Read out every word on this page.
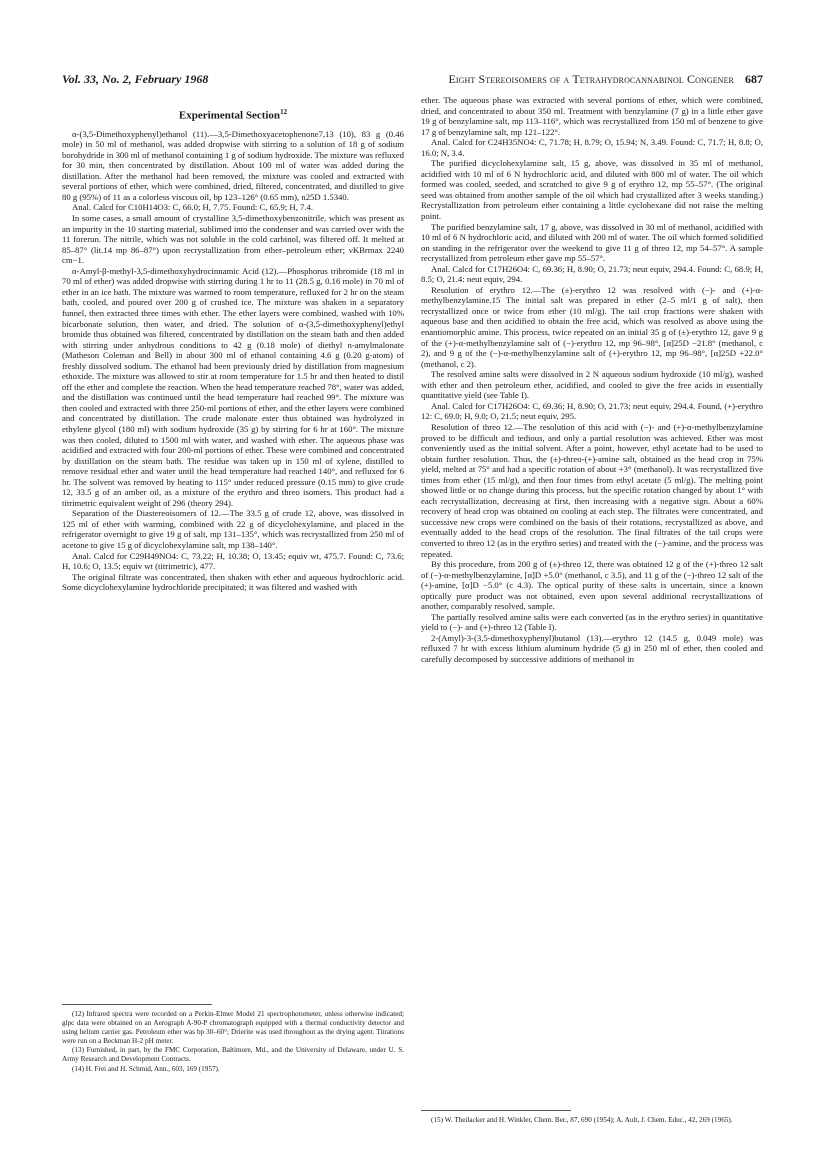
Vol. 33, No. 2, February 1968	Eight Stereoisomers of a Tetrahydrocannabinol Congener 687
Experimental Section$^{12}$

α-(3,5-Dimethoxyphenyl)ethanol (11).—3,5-Dimethoxyacetophenone7,13 (10), 83 g (0.46 mole) in 50 ml of methanol, was added dropwise with stirring to a solution of 18 g of sodium borohydride in 300 ml of methanol containing 1 g of sodium hydroxide. The mixture was refluxed for 30 min, then concentrated by distillation. About 100 ml of water was added during the distillation. After the methanol had been removed, the mixture was cooled and extracted with several portions of ether, which were combined, dried, filtered, concentrated, and distilled to give 80 g (95%) of 11 as a colorless viscous oil, bp 123–126° (0.65 mm), n25D 1.5340.

Anal. Calcd for C10H14O3: C, 66.0; H, 7.75. Found: C, 65.9; H, 7.4.

In some cases, a small amount of crystalline 3,5-dimethoxybenzonitrile, which was present as an impurity in the 10 starting material, sublimed into the condenser and was carried over with the 11 forerun. The nitrile, which was not soluble in the cold carbinol, was filtered off. It melted at 85–87° (lit.14 mp 86–87°) upon recrystallization from ether–petroleum ether; νKBrmax 2240 cm−1.

α-Amyl-β-methyl-3,5-dimethoxyhydrocinnamic Acid (12).—Phosphorus tribromide (18 ml in 70 ml of ether) was added dropwise with stirring during 1 hr to 11 (28.5 g, 0.16 mole) in 70 ml of ether in an ice bath. The mixture was warmed to room temperature, refluxed for 2 hr on the steam bath, cooled, and poured over 200 g of crushed ice. The mixture was shaken in a separatory funnel, then extracted three times with ether. The ether layers were combined, washed with 10% bicarbonate solution, then water, and dried. The solution of α-(3,5-dimethoxyphenyl)ethyl bromide thus obtained was filtered, concentrated by distillation on the steam bath and then added with stirring under anhydrous conditions to 42 g (0.18 mole) of diethyl n-amylmalonate (Matheson Coleman and Bell) in about 300 ml of ethanol containing 4.6 g (0.20 g-atom) of freshly dissolved sodium. The ethanol had been previously dried by distillation from magnesium ethoxide. The mixture was allowed to stir at room temperature for 1.5 hr and then heated to distil off the ether and complete the reaction. When the head temperature reached 78°, water was added, and the distillation was continued until the head temperature had reached 99°. The mixture was then cooled and extracted with three 250-ml portions of ether, and the ether layers were combined and concentrated by distillation. The crude malonate ester thus obtained was hydrolyzed in ethylene glycol (180 ml) with sodium hydroxide (35 g) by stirring for 6 hr at 160°. The mixture was then cooled, diluted to 1500 ml with water, and washed with ether. The aqueous phase was acidified and extracted with four 200-ml portions of ether. These were combined and concentrated by distillation on the steam bath. The residue was taken up in 150 ml of xylene, distilled to remove residual ether and water until the head temperature had reached 140°, and refluxed for 6 hr. The solvent was removed by heating to 115° under reduced pressure (0.15 mm) to give crude 12, 33.5 g of an amber oil, as a mixture of the erythro and threo isomers. This product had a titrimetric equivalent weight of 296 (theory 294).

Separation of the Diastereoisomers of 12.—The 33.5 g of crude 12, above, was dissolved in 125 ml of ether with warming, combined with 22 g of dicyclohexylamine, and placed in the refrigerator overnight to give 19 g of salt, mp 131–135°, which was recrystallized from 250 ml of acetone to give 15 g of dicyclohexylamine salt, mp 138–140°.

Anal. Calcd for C29H49NO4: C, 73.22; H, 10.38; O, 13.45; equiv wt, 475.7. Found: C, 73.6; H, 10.6; O, 13.5; equiv wt (titrimetric), 477.

The original filtrate was concentrated, then shaken with ether and aqueous hydrochloric acid. Some dicyclohexylamine hydrochloride precipitated; it was filtered and washed with

ether. The aqueous phase was extracted with several portions of ether, which were combined, dried, and concentrated to about 350 ml. Treatment with benzylamine (7 g) in a little ether gave 19 g of benzylamine salt, mp 113–116°, which was recrystallized from 150 ml of benzene to give 17 g of benzylamine salt, mp 121–122°.

Anal. Calcd for C24H35NO4: C, 71.78; H, 8.79; O, 15.94; N, 3.49. Found: C, 71.7; H, 8.8; O, 16.0; N, 3.4.

The purified dicyclohexylamine salt, 15 g, above, was dissolved in 35 ml of methanol, acidified with 10 ml of 6 N hydrochloric acid, and diluted with 800 ml of water. The oil which formed was cooled, seeded, and scratched to give 9 g of erythro 12, mp 55–57°. (The original seed was obtained from another sample of the oil which had crystallized after 3 weeks standing.) Recrystallization from petroleum ether containing a little cyclohexane did not raise the melting point.

The purified benzylamine salt, 17 g, above, was dissolved in 30 ml of methanol, acidified with 10 ml of 6 N hydrochloric acid, and diluted with 200 ml of water. The oil which formed solidified on standing in the refrigerator over the weekend to give 11 g of threo 12, mp 54–57°. A sample recrystallized from petroleum ether gave mp 55–57°.

Anal. Calcd for C17H26O4: C, 69.36; H, 8.90; O, 21.73; neut equiv, 294.4. Found: C, 68.9; H, 8.5; O, 21.4: neut equiv, 294.

Resolution of erythro 12.—The (±)-erythro 12 was resolved with (−)- and (+)-α-methylbenzylamine.15 The initial salt was prepared in ether (2–5 ml/1 g of salt), then recrystallized once or twice from ether (10 ml/g). The tail crop fractions were shaken with aqueous base and then acidified to obtain the free acid, which was resolved as above using the enantiomorphic amine. This process, twice repeated on an initial 35 g of (±)-erythro 12, gave 9 g of the (+)-α-methylbenzylamine salt of (−)-erythro 12, mp 96–98°, [α]25D −21.8° (methanol, c 2), and 9 g of the (−)-α-methylbenzylamine salt of (+)-erythro 12, mp 96–98°, [α]25D +22.0° (methanol, c 2).

The resolved amine salts were dissolved in 2 N aqueous sodium hydroxide (10 ml/g), washed with ether and then petroleum ether, acidified, and cooled to give the free acids in essentially quantitative yield (see Table I).

Anal. Calcd for C17H26O4: C, 69.36; H, 8.90; O, 21.73; neut equiv, 294.4. Found, (+)-erythro 12: C, 69.0; H, 9.0; O, 21.5; neut equiv, 295.

Resolution of threo 12.—The resolution of this acid with (−)- and (+)-α-methylbenzylamine proved to be difficult and tedious, and only a partial resolution was achieved. Ether was most conveniently used as the initial solvent. After a point, however, ethyl acetate had to be used to obtain further resolution. Thus, the (±)-threo-(+)-amine salt, obtained as the head crop in 75% yield, melted at 75° and had a specific rotation of about +3° (methanol). It was recrystallized five times from ether (15 ml/g), and then four times from ethyl acetate (5 ml/g). The melting point showed little or no change during this process, but the specific rotation changed by about 1° with each recrystallization, decreasing at first, then increasing with a negative sign. About a 60% recovery of head crop was obtained on cooling at each step. The filtrates were concentrated, and successive new crops were combined on the basis of their rotations, recrystallized as above, and eventually added to the head crops of the resolution. The final filtrates of the tail crops were converted to threo 12 (as in the erythro series) and treated with the (−)-amine, and the process was repeated.

By this procedure, from 200 g of (±)-threo 12, there was obtained 12 g of the (+)-threo 12 salt of (−)-α-methylbenzylamine, [α]D +5.0° (methanol, c 3.5), and 11 g of the (−)-threo 12 salt of the (+)-amine, [α]D −5.0° (c 4.3). The optical purity of these salts is uncertain, since a known optically pure product was not obtained, even upon several additional recrystallizations of another, comparably resolved, sample.

The partially resolved amine salts were each converted (as in the erythro series) in quantitative yield to (−)- and (+)-threo 12 (Table I).

2-(Amyl)-3-(3,5-dimethoxyphenyl)butanol (13).—erythro 12 (14.5 g, 0.049 mole) was refluxed 7 hr with excess lithium aluminum hydride (5 g) in 250 ml of ether, then cooled and carefully decomposed by successive additions of methanol in

(12) Infrared spectra were recorded on a Perkin-Elmer Model 21 spectrophotometer, unless otherwise indicated; glpc data were obtained on an Aerograph A-90-P chromatograph equipped with a thermal conductivity detector and using helium carrier gas. Petroleum ether was bp 30–60°; Drierite was used throughout as the drying agent. Titrations were run on a Beckman H-2 pH meter.

(13) Furnished, in part, by the FMC Corporation, Baltimore, Md., and the University of Delaware, under U. S. Army Research and Development Contracts.

(14) H. Frei and H. Schmid, Ann., 603, 169 (1957).

(15) W. Theilacker and H. Winkler, Chem. Ber., 87, 690 (1954); A. Ault, J. Chem. Educ., 42, 269 (1965).
